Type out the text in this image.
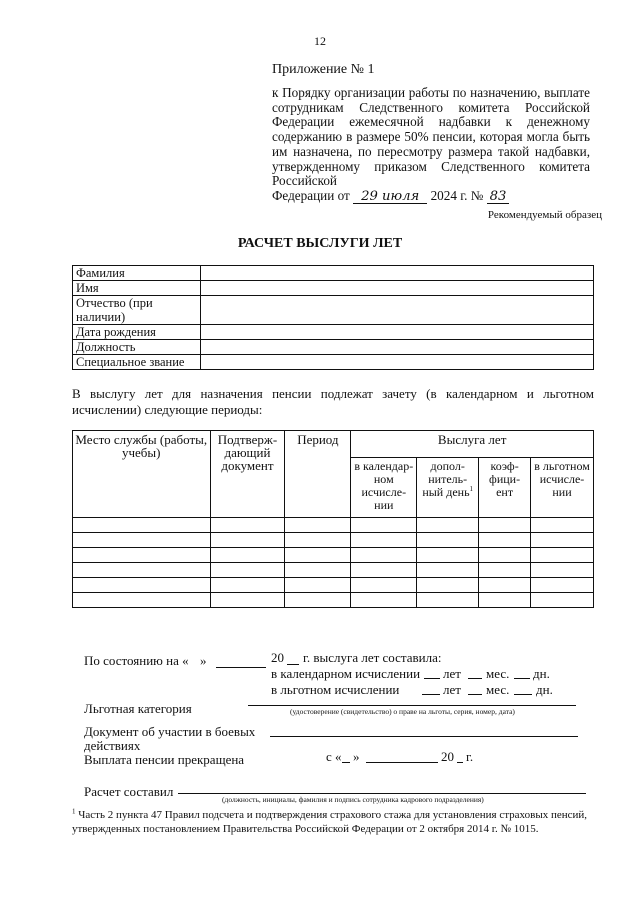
12
Приложение № 1
к Порядку организации работы по назначению, выплате сотрудникам Следственного комитета Российской Федерации ежемесячной надбавки к денежному содержанию в размере 50% пенсии, которая могла быть им назначена, по пересмотру размера такой надбавки, утвержденному приказом Следственного комитета Российской
Федерации от 29 июля 2024 г. № 83
Рекомендуемый образец
РАСЧЕТ ВЫСЛУГИ ЛЕТ
Фамилия	
Имя	
Отчество (при наличии)	
Дата рождения	
Должность	
Специальное звание	
В выслугу лет для назначения пенсии подлежат зачету (в календарном и льготном исчислении) следующие периоды:
Место службы (работы, учебы)	Подтверж-дающий документ	Период	Выслуга лет			
			в календар-ном исчисле-нии	допол-нитель-ный день$^1$	коэф-фици-ент	в льготном исчисле-нии

По состоянию на « »	20 г. выслуга лет составила:
в календарном исчислении лет мес. дн.
в льготном исчислении	лет мес. дн.
Льготная категория	(удостоверение (свидетельство) о праве на льготы, серия, номер, дата)
Документ об участии в боевых действиях
Выплата пенсии прекращена	с « »	20 г.
Расчет составил
(должность, инициалы, фамилия и подпись сотрудника кадрового подразделения)
$^1$ Часть 2 пункта 47 Правил подсчета и подтверждения страхового стажа для установления страховых пенсий, утвержденных постановлением Правительства Российской Федерации от 2 октября 2014 г. № 1015.
